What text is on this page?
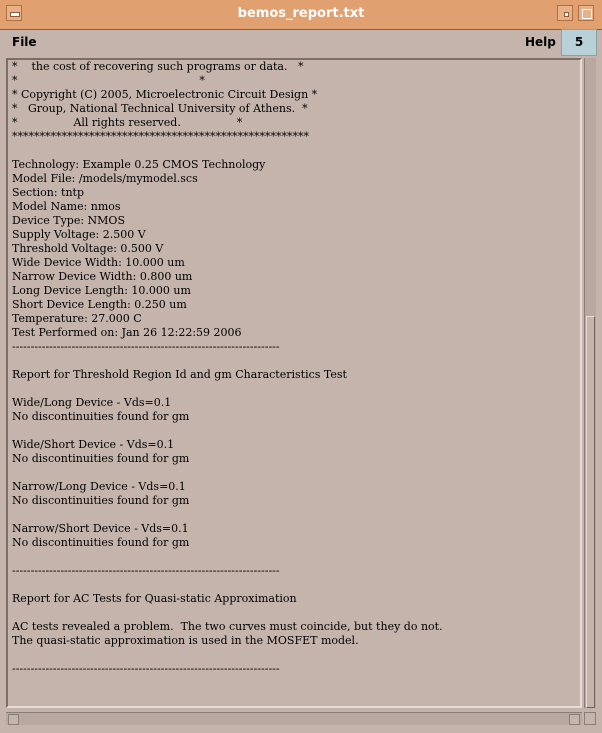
bemos_report.txt
File	Help	5
*    the cost of recovering such programs or data.   *
*                                                    *
* Copyright (C) 2005, Microelectronic Circuit Design *
*   Group, National Technical University of Athens.  *
*                All rights reserved.                *
******************************************************

Technology: Example 0.25 CMOS Technology
Model File: /models/mymodel.scs
Section: tntp
Model Name: nmos
Device Type: NMOS
Supply Voltage: 2.500 V
Threshold Voltage: 0.500 V
Wide Device Width: 10.000 um
Narrow Device Width: 0.800 um
Long Device Length: 10.000 um
Short Device Length: 0.250 um
Temperature: 27.000 C
Test Performed on: Jan 26 12:22:59 2006
------------------------------------------------------------------------

Report for Threshold Region Id and gm Characteristics Test

Wide/Long Device - Vds=0.1
No discontinuities found for gm

Wide/Short Device - Vds=0.1
No discontinuities found for gm

Narrow/Long Device - Vds=0.1
No discontinuities found for gm

Narrow/Short Device - Vds=0.1
No discontinuities found for gm

------------------------------------------------------------------------

Report for AC Tests for Quasi-static Approximation

AC tests revealed a problem.  The two curves must coincide, but they do not.
The quasi-static approximation is used in the MOSFET model.

------------------------------------------------------------------------
